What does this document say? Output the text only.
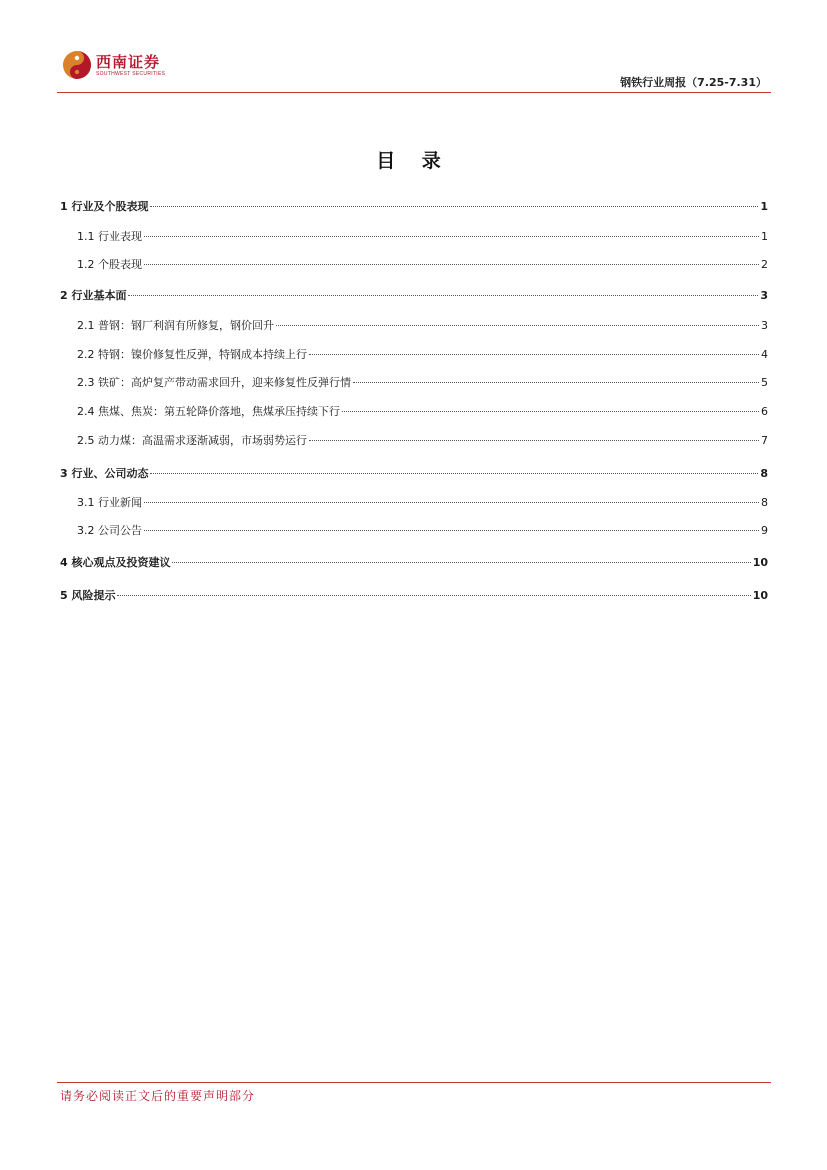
西南证券
SOUTHWEST SECURITIES
钢铁行业周报（7.25-7.31）
目 录
1 行业及个股表现	1
1.1 行业表现	1
1.2 个股表现	2
2 行业基本面	3
2.1 普钢：钢厂利润有所修复，钢价回升	3
2.2 特钢：镍价修复性反弹，特钢成本持续上行	4
2.3 铁矿：高炉复产带动需求回升，迎来修复性反弹行情	5
2.4 焦煤、焦炭：第五轮降价落地，焦煤承压持续下行	6
2.5 动力煤：高温需求逐渐减弱，市场弱势运行	7
3 行业、公司动态	8
3.1 行业新闻	8
3.2 公司公告	9
4 核心观点及投资建议	10
5 风险提示	10
请务必阅读正文后的重要声明部分
